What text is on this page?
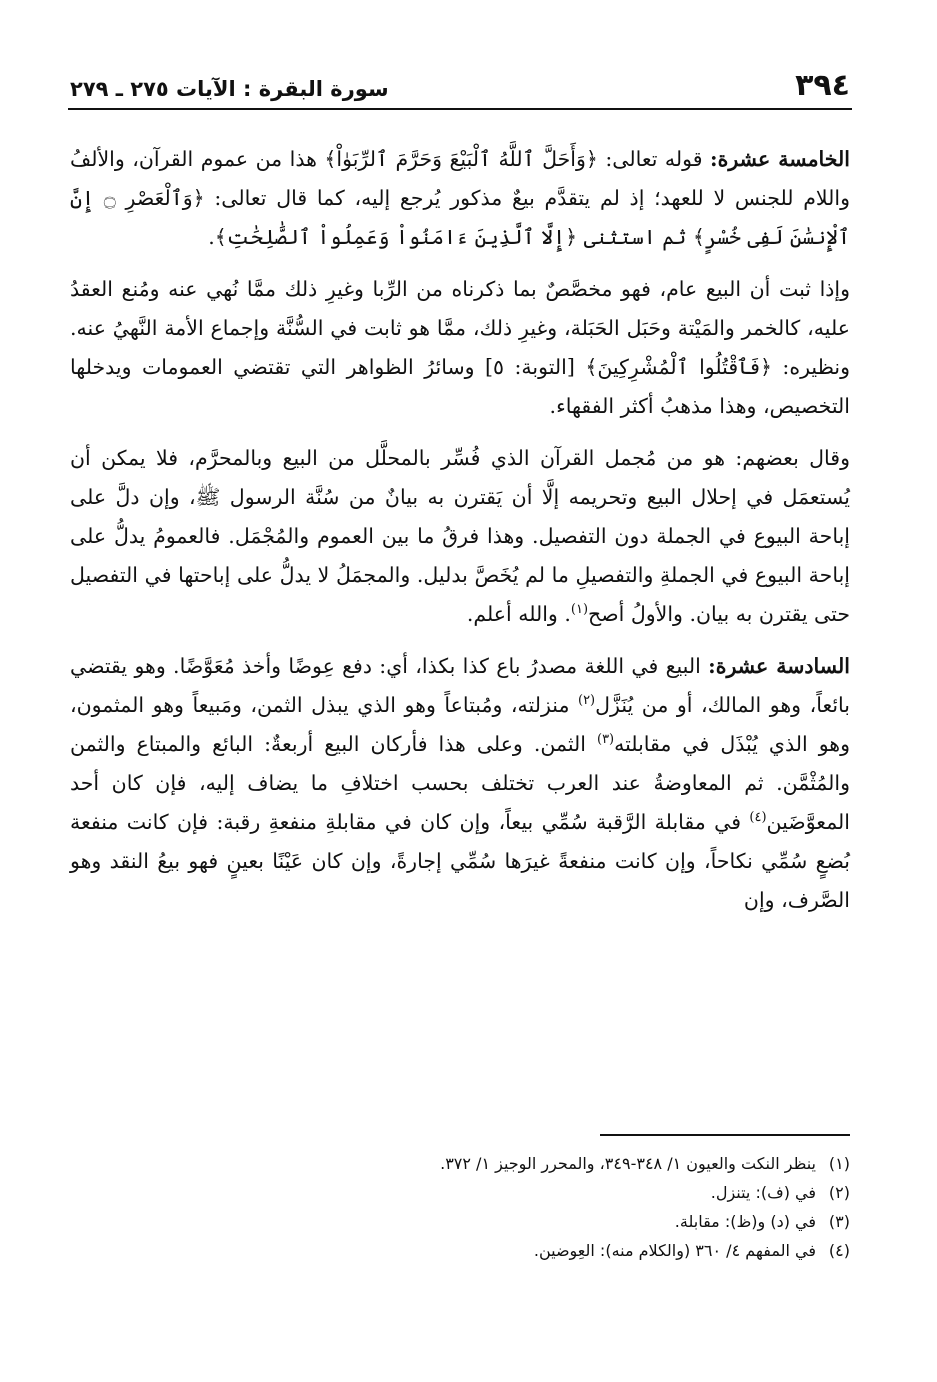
٣٩٤
سورة البقرة : الآيات ٢٧٥ ـ ٢٧٩

الخامسة عشرة: قوله تعالى: ﴿وَأَحَلَّ ٱللَّهُ ٱلْبَيْعَ وَحَرَّمَ ٱلرِّبَوٰاْ﴾ هذا من عموم القرآن، والألفُ واللام للجنس لا للعهد؛ إذ لم يتقدَّم بيعٌ مذكور يُرجع إليه، كما قال تعالى: ﴿وَٱلْعَصْرِ ۝ إِنَّ ٱلْإِنسَٰنَ لَفِى خُسْرٍ﴾ ثم استثنى ﴿إِلَّا ٱلَّذِينَ ءَامَنُواْ وَعَمِلُواْ ٱلصَّٰلِحَٰتِ﴾.

وإذا ثبت أن البيع عام، فهو مخصَّصٌ بما ذكرناه من الرِّبا وغيرِ ذلك ممَّا نُهي عنه ومُنع العقدُ عليه، كالخمر والمَيْتة وحَبَل الحَبَلة، وغيرِ ذلك، ممَّا هو ثابت في السُّنَّة وإجماع الأمة النَّهيُ عنه. ونظيره: ﴿فَٱقْتُلُوا ٱلْمُشْرِكِينَ﴾ [التوبة: ٥] وسائرُ الظواهر التي تقتضي العمومات ويدخلها التخصيص، وهذا مذهبُ أكثر الفقهاء.

وقال بعضهم: هو من مُجمل القرآن الذي فُسِّر بالمحلَّل من البيع وبالمحرَّم، فلا يمكن أن يُستعمَل في إحلال البيع وتحريمه إلَّا أن يَقترن به بيانٌ من سُنَّة الرسول ﷺ، وإن دلَّ على إباحة البيوع في الجملة دون التفصيل. وهذا فرقُ ما بين العموم والمُجْمَل. فالعمومُ يدلُّ على إباحة البيوع في الجملةِ والتفصيلِ ما لم يُخَصَّ بدليل. والمجمَلُ لا يدلُّ على إباحتها في التفصيل حتى يقترن به بيان. والأولُ أصح$^{(١)}$. والله أعلم.

السادسة عشرة: البيع في اللغة مصدرُ باع كذا بكذا، أي: دفع عِوضًا وأخذ مُعَوَّضًا. وهو يقتضي بائعاً، وهو المالك، أو من يُنَزَّل$^{(٢)}$ منزلته، ومُبتاعاً وهو الذي يبذل الثمن، ومَبيعاً وهو المثمون، وهو الذي يُبْذَل في مقابلته$^{(٣)}$ الثمن. وعلى هذا فأركان البيع أربعةٌ: البائع والمبتاع والثمن والمُثْمَّن. ثم المعاوضةُ عند العرب تختلف بحسب اختلافِ ما يضاف إليه، فإن كان أحد المعوَّضَين$^{(٤)}$ في مقابلة الرَّقبة سُمِّي بيعاً، وإن كان في مقابلةِ منفعةِ رقبة: فإن كانت منفعة بُضعٍ سُمِّي نكاحاً، وإن كانت منفعةً غيرَها سُمِّي إجارةً، وإن كان عَيْنًا بعينٍ فهو بيعُ النقد وهو الصَّرف، وإن

(١)ينظر النكت والعيون ١/ ٣٤٨-٣٤٩، والمحرر الوجيز ١/ ٣٧٢.

(٢)في (ف): يتنزل.

(٣)في (د) و(ظ): مقابلة.

(٤)في المفهم ٤/ ٣٦٠ (والكلام منه): العِوضين.
